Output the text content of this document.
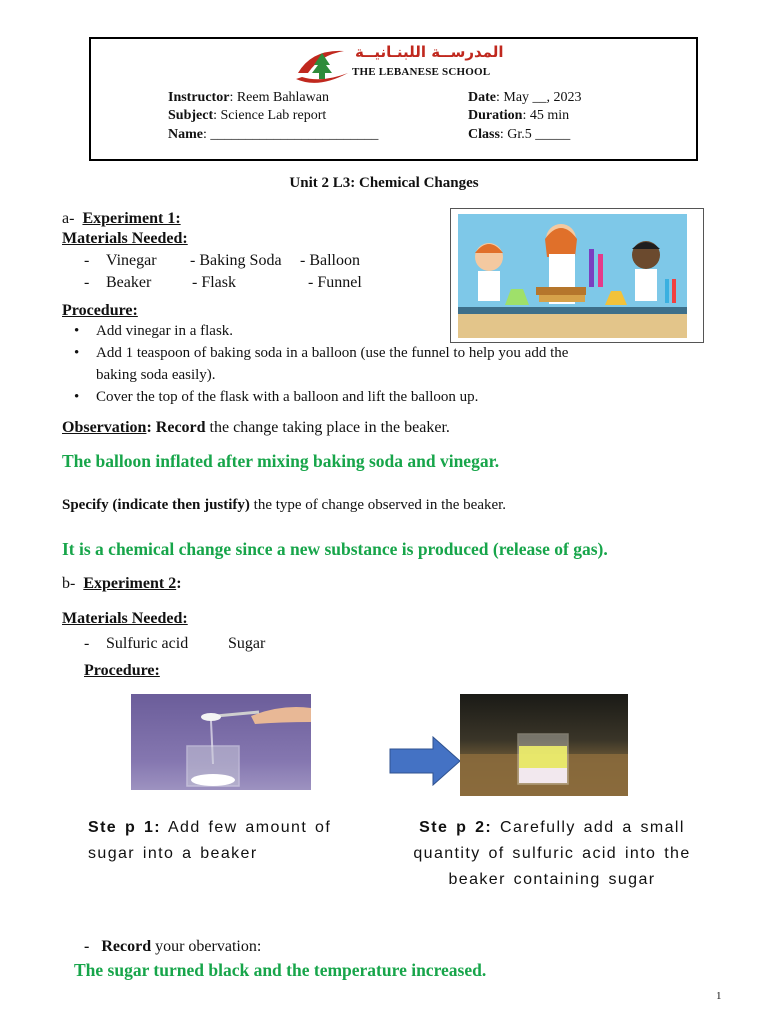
المدرســة اللبنـانيــة
THE LEBANESE SCHOOL
Instructor: Reem Bahlawan
Subject: Science Lab report
Name: ________________________
Date: May __, 2023
Duration: 45 min
Class: Gr.5 _____
Unit 2 L3: Chemical Changes
a- Experiment 1:
Materials Needed:
- Vinegar - Baking Soda - Balloon
- Beaker	- Flask	- Funnel
Procedure:
• Add vinegar in a flask.
• Add 1 teaspoon of baking soda in a balloon (use the funnel to help you add the
baking soda easily).
• Cover the top of the flask with a balloon and lift the balloon up.
Observation: Record the change taking place in the beaker.
The balloon inflated after mixing baking soda and vinegar.
Specify (indicate then justify) the type of change observed in the beaker.
It is a chemical change since a new substance is produced (release of gas).
b- Experiment 2:
Materials Needed:
- Sulfuric acid Sugar
Procedure:
Ste p 1: Add few amount of
sugar into a beaker
Ste p 2: Carefully add a small
quantity of sulfuric acid into the
beaker containing sugar
- Record your obervation:
The sugar turned black and the temperature increased.
1
